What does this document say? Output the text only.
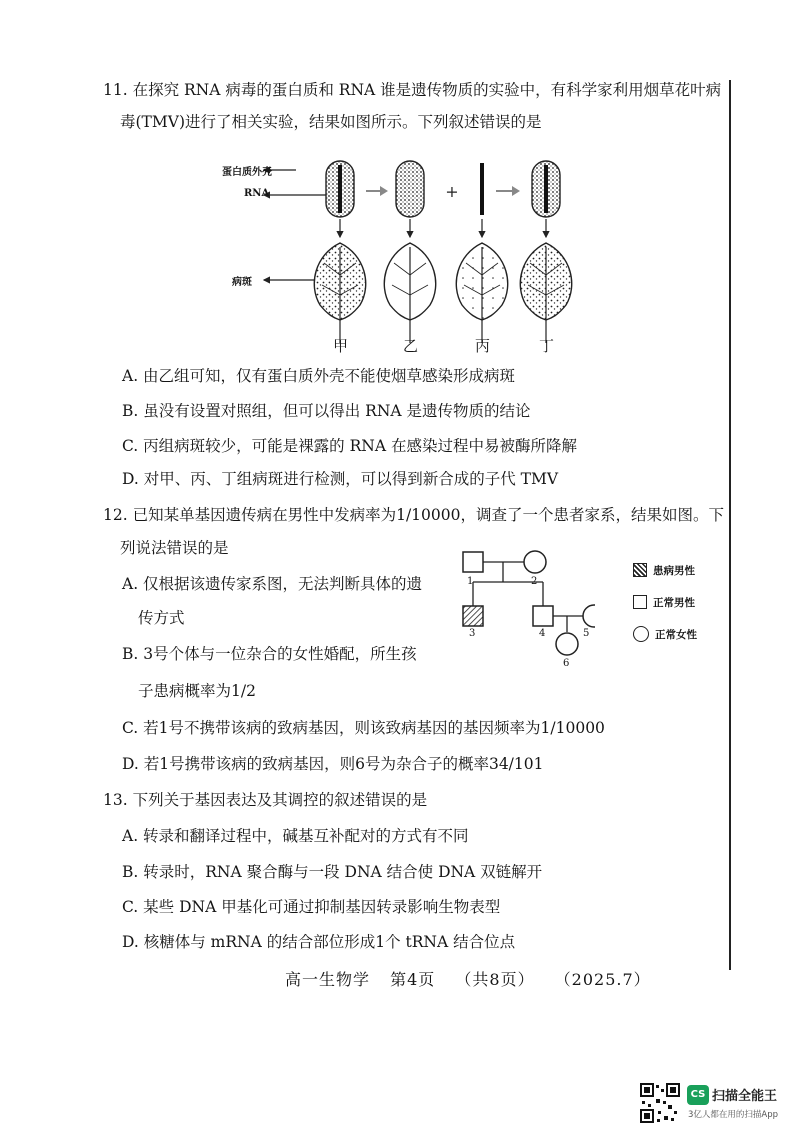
11. 在探究 RNA 病毒的蛋白质和 RNA 谁是遗传物质的实验中，有科学家利用烟草花叶病
毒(TMV)进行了相关实验，结果如图所示。下列叙述错误的是
+
蛋白质外壳
RNA
病斑
甲	乙	丙	丁
A. 由乙组可知，仅有蛋白质外壳不能使烟草感染形成病斑
B. 虽没有设置对照组，但可以得出 RNA 是遗传物质的结论
C. 丙组病斑较少，可能是裸露的 RNA 在感染过程中易被酶所降解
D. 对甲、丙、丁组病斑进行检测，可以得到新合成的子代 TMV
12. 已知某单基因遗传病在男性中发病率为1/10000，调查了一个患者家系，结果如图。下
列说法错误的是
A. 仅根据该遗传家系图，无法判断具体的遗
传方式
B. 3号个体与一位杂合的女性婚配，所生孩
子患病概率为1/2
C. 若1号不携带该病的致病基因，则该致病基因的基因频率为1/10000
D. 若1号携带该病的致病基因，则6号为杂合子的概率34/101
1	2
3	4	5
6
患病男性
正常男性
正常女性
13. 下列关于基因表达及其调控的叙述错误的是
A. 转录和翻译过程中，碱基互补配对的方式有不同
B. 转录时，RNA 聚合酶与一段 DNA 结合使 DNA 双链解开
C. 某些 DNA 甲基化可通过抑制基因转录影响生物表型
D. 核糖体与 mRNA 的结合部位形成1个 tRNA 结合位点
高一生物学 第4页 （共8页） （2025.7）
CS 扫描全能王
3亿人都在用的扫描App
